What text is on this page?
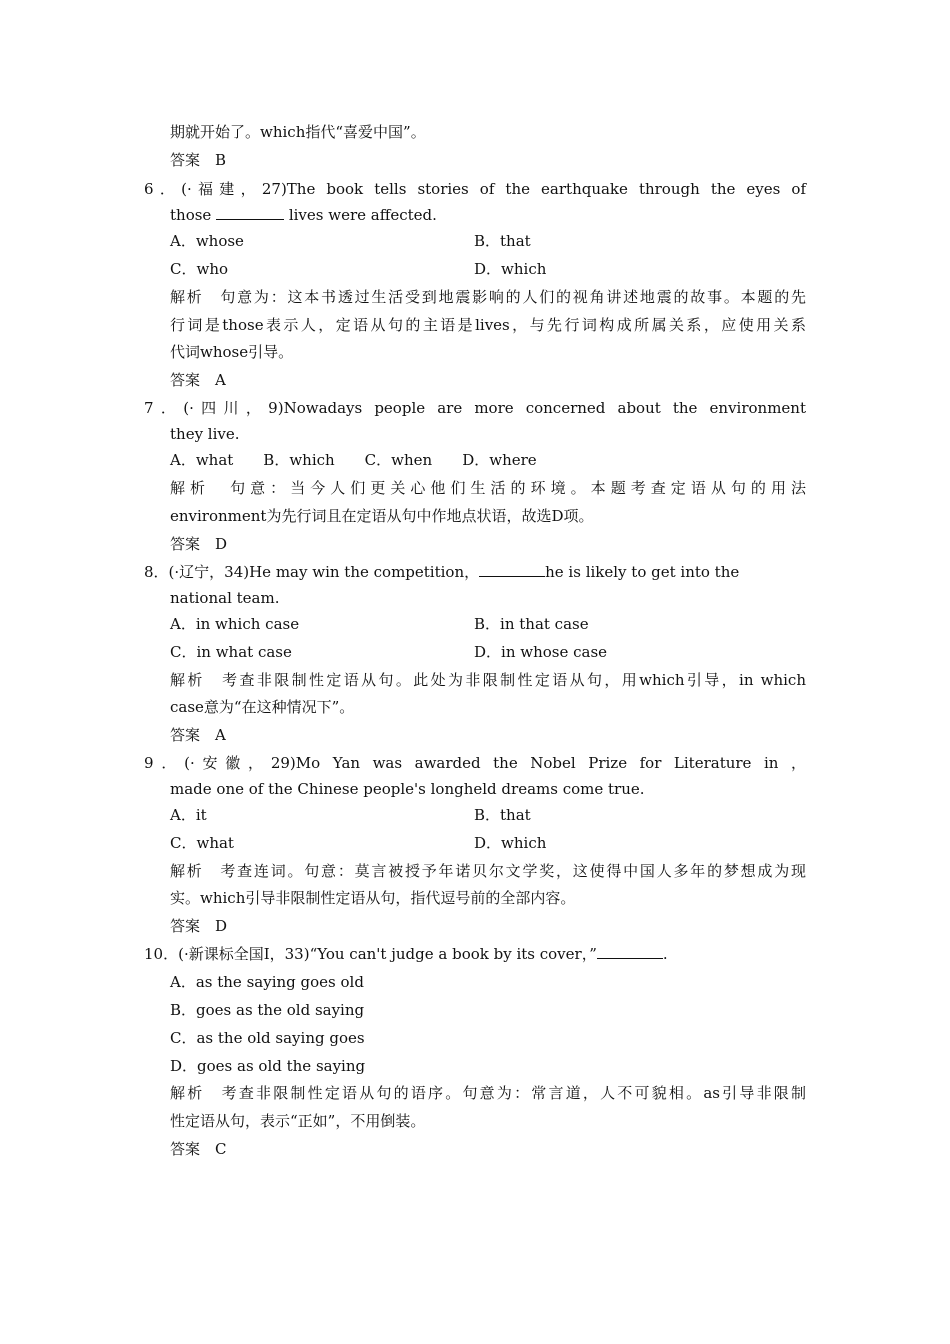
期就开始了。which指代“喜爱中国”。
答案　B
6．(·福建，27)The book tells stories of the earthquake through the eyes of
those	lives were affected.
A．whose	B．that
C．who	D．which
解析　句意为：这本书透过生活受到地震影响的人们的视角讲述地震的故事。本题的先
行词是those表示人，定语从句的主语是lives，与先行词构成所属关系，应使用关系
代词whose引导。
答案　A
7．(·四川，9)Nowadays people are more concerned about the environment
they live.
A．what　　B．which　　C．when　　D．where
解析　句意：当今人们更关心他们生活的环境。本题考查定语从句的用法
environment为先行词且在定语从句中作地点状语，故选D项。
答案　D
8．(·辽宁，34)He may win the competition，	he is likely to get into the
national team.
A．in which case	B．in that case
C．in what case	D．in whose case
解析　考查非限制性定语从句。此处为非限制性定语从句，用which引导，in which
case意为“在这种情况下”。
答案　A
9．(·安徽，29)Mo Yan was awarded the Nobel Prize for Literature in ，
made one of the Chinese people's longheld dreams come true.
A．it	B．that
C．what	D．which
解析　考查连词。句意：莫言被授予年诺贝尔文学奖，这使得中国人多年的梦想成为现
实。which引导非限制性定语从句，指代逗号前的全部内容。
答案　D
10．(·新课标全国Ⅰ，33)“You can't judge a book by its cover，”	.
A．as the saying goes old
B．goes as the old saying
C．as the old saying goes
D．goes as old the saying
解析　考查非限制性定语从句的语序。句意为：常言道，人不可貌相。as引导非限制
性定语从句，表示“正如”，不用倒装。
答案　C
